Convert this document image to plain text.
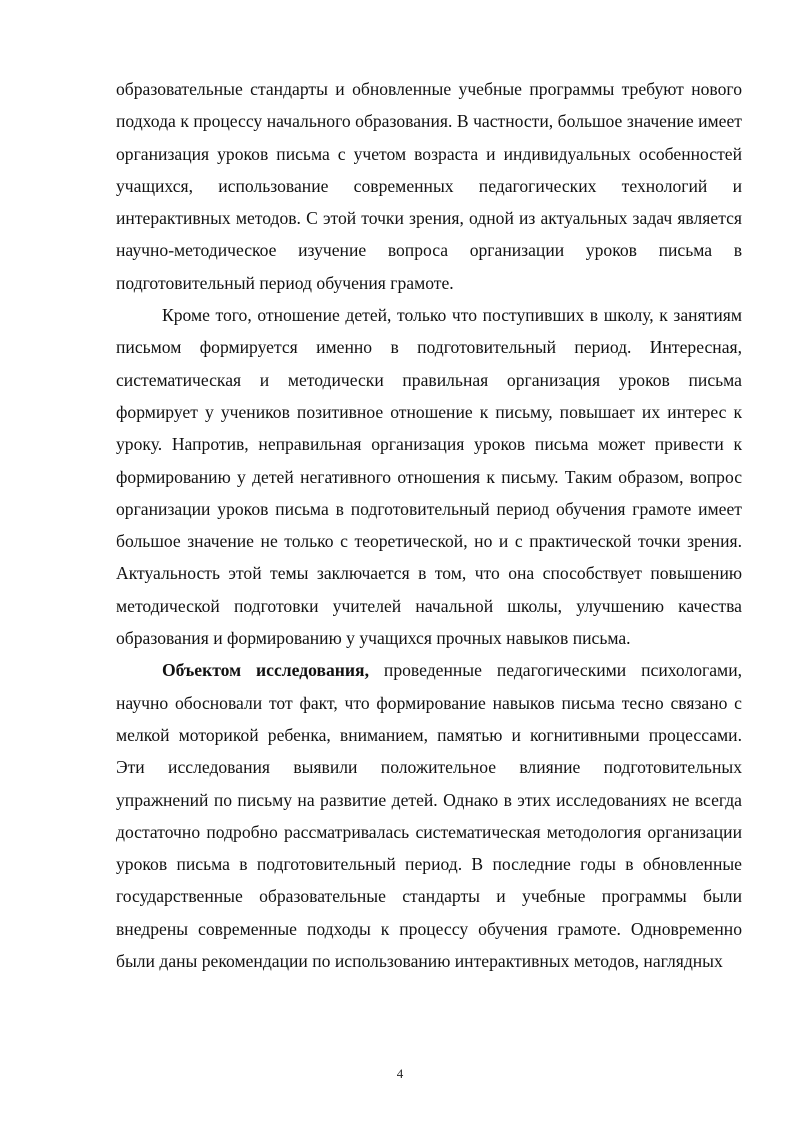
образовательные стандарты и обновленные учебные программы требуют нового подхода к процессу начального образования. В частности, большое значение имеет организация уроков письма с учетом возраста и индивидуальных особенностей учащихся, использование современных педагогических технологий и интерактивных методов. С этой точки зрения, одной из актуальных задач является научно-методическое изучение вопроса организации уроков письма в подготовительный период обучения грамоте.

Кроме того, отношение детей, только что поступивших в школу, к занятиям письмом формируется именно в подготовительный период. Интересная, систематическая и методически правильная организация уроков письма формирует у учеников позитивное отношение к письму, повышает их интерес к уроку. Напротив, неправильная организация уроков письма может привести к формированию у детей негативного отношения к письму. Таким образом, вопрос организации уроков письма в подготовительный период обучения грамоте имеет большое значение не только с теоретической, но и с практической точки зрения. Актуальность этой темы заключается в том, что она способствует повышению методической подготовки учителей начальной школы, улучшению качества образования и формированию у учащихся прочных навыков письма.

Объектом исследования, проведенные педагогическими психологами, научно обосновали тот факт, что формирование навыков письма тесно связано с мелкой моторикой ребенка, вниманием, памятью и когнитивными процессами. Эти исследования выявили положительное влияние подготовительных упражнений по письму на развитие детей. Однако в этих исследованиях не всегда достаточно подробно рассматривалась систематическая методология организации уроков письма в подготовительный период. В последние годы в обновленные государственные образовательные стандарты и учебные программы были внедрены современные подходы к процессу обучения грамоте. Одновременно были даны рекомендации по использованию интерактивных методов, наглядных

4
